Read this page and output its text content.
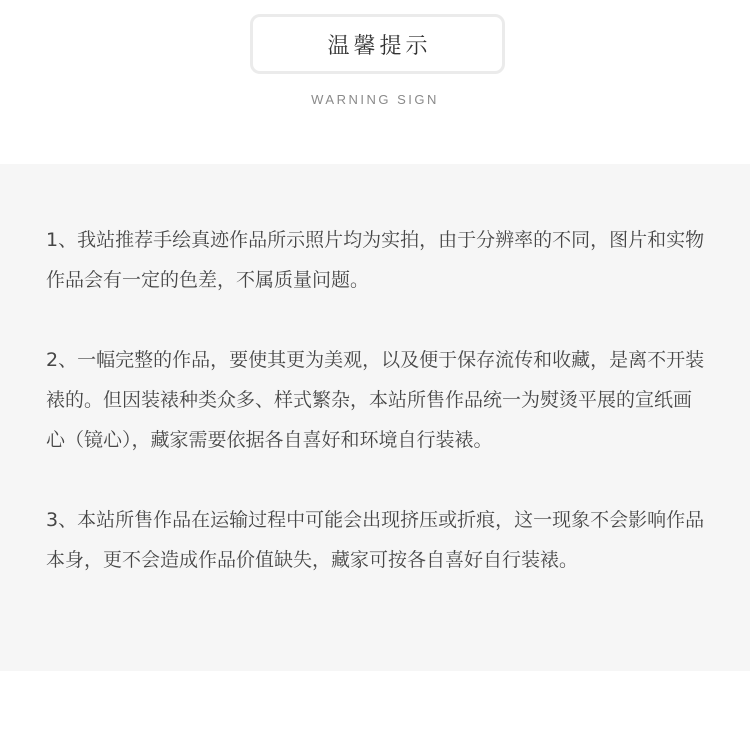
温馨提示
WARNING SIGN

1、我站推荐手绘真迹作品所示照片均为实拍，由于分辨率的不同，图片和实物作品会有一定的色差，不属质量问题。

2、一幅完整的作品，要使其更为美观，以及便于保存流传和收藏，是离不开装裱的。但因装裱种类众多、样式繁杂，本站所售作品统一为熨烫平展的宣纸画心（镜心），藏家需要依据各自喜好和环境自行装裱。

3、本站所售作品在运输过程中可能会出现挤压或折痕，这一现象不会影响作品本身，更不会造成作品价值缺失，藏家可按各自喜好自行装裱。
